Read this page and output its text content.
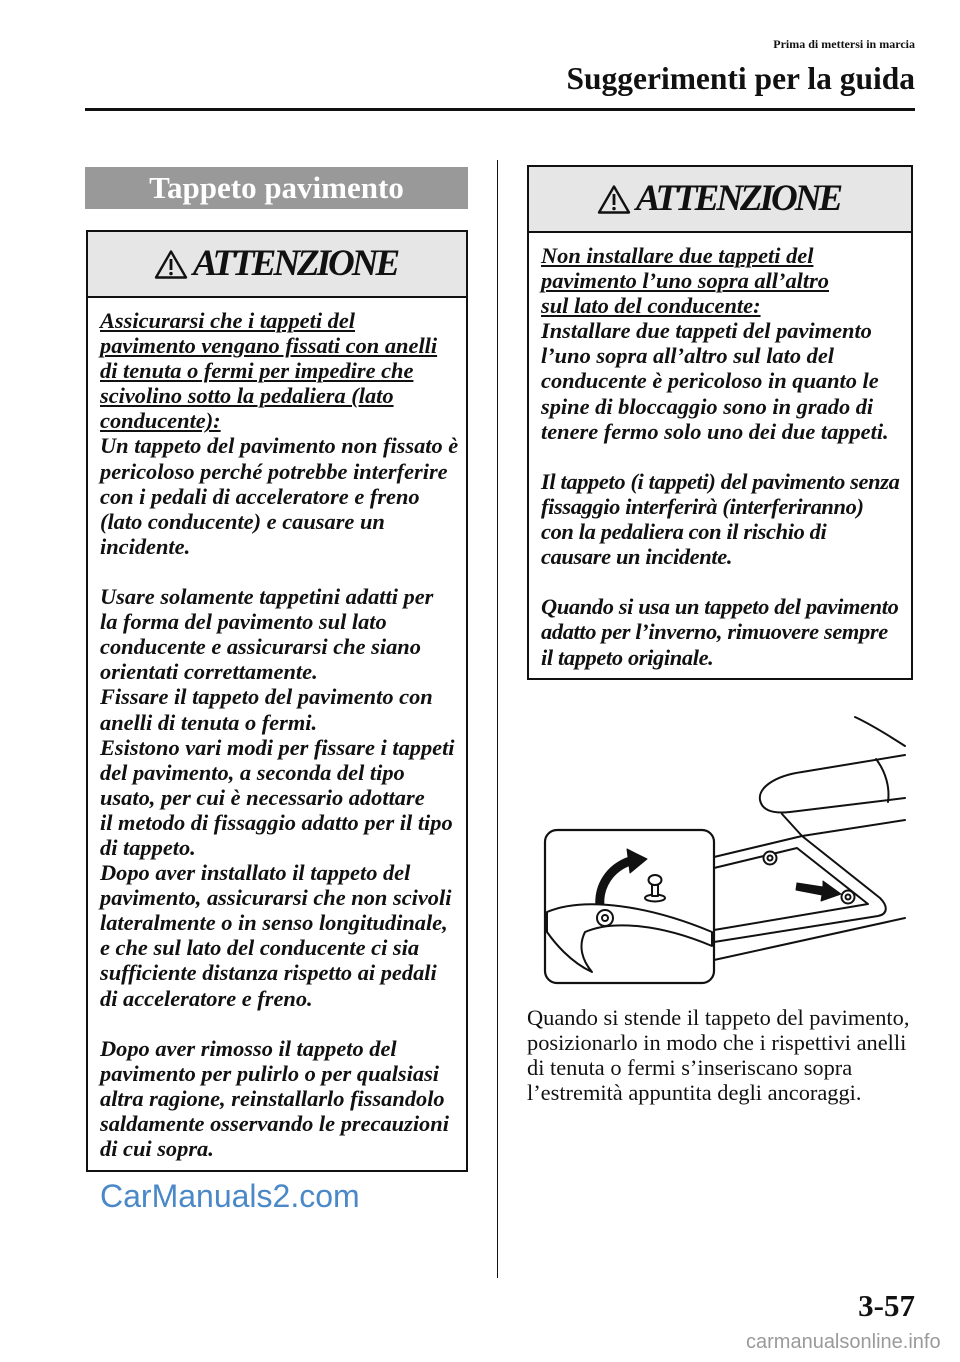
Prima di mettersi in marcia
Suggerimenti per la guida
Tappeto pavimento
ATTENZIONE
Assicurarsi che i tappeti del
pavimento vengano fissati con anelli
di tenuta o fermi per impedire che
scivolino sotto la pedaliera (lato
conducente):
Un tappeto del pavimento non fissato è
pericoloso perché potrebbe interferire
con i pedali di acceleratore e freno
(lato conducente) e causare un
incidente.
Usare solamente tappetini adatti per
la forma del pavimento sul lato
conducente e assicurarsi che siano
orientati correttamente.
Fissare il tappeto del pavimento con
anelli di tenuta o fermi.
Esistono vari modi per fissare i tappeti
del pavimento, a seconda del tipo
usato, per cui è necessario adottare
il metodo di fissaggio adatto per il tipo
di tappeto.
Dopo aver installato il tappeto del
pavimento, assicurarsi che non scivoli
lateralmente o in senso longitudinale,
e che sul lato del conducente ci sia
sufficiente distanza rispetto ai pedali
di acceleratore e freno.
Dopo aver rimosso il tappeto del
pavimento per pulirlo o per qualsiasi
altra ragione, reinstallarlo fissandolo
saldamente osservando le precauzioni
di cui sopra.
ATTENZIONE
Non installare due tappeti del
pavimento l’uno sopra all’altro
sul lato del conducente:
Installare due tappeti del pavimento
l’uno sopra all’altro sul lato del
conducente è pericoloso in quanto le
spine di bloccaggio sono in grado di
tenere fermo solo uno dei due tappeti.
Il tappeto (i tappeti) del pavimento senza
fissaggio interferirà (interferiranno)
con la pedaliera con il rischio di
causare un incidente.
Quando si usa un tappeto del pavimento
adatto per l’inverno, rimuovere sempre
il tappeto originale.
Quando si stende il tappeto del pavimento,
posizionarlo in modo che i rispettivi anelli
di tenuta o fermi s’inseriscano sopra
l’estremità appuntita degli ancoraggi.
CarManuals2.com
3-57
carmanualsonline.info
